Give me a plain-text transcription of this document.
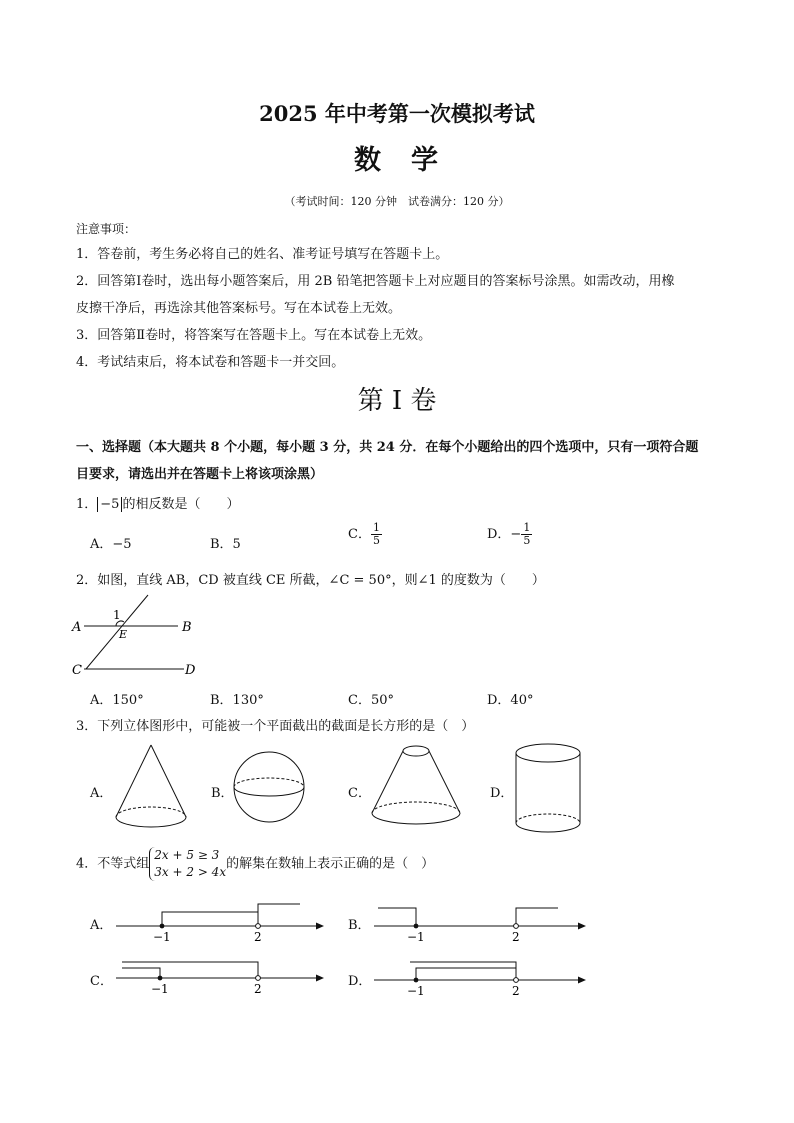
2025 年中考第一次模拟考试
数 学
（考试时间：120 分钟　试卷满分：120 分）
注意事项：
1．答卷前，考生务必将自己的姓名、准考证号填写在答题卡上。
2．回答第Ⅰ卷时，选出每小题答案后，用 2B 铅笔把答题卡上对应题目的答案标号涂黑。如需改动，用橡
皮擦干净后，再选涂其他答案标号。写在本试卷上无效。
3．回答第Ⅱ卷时，将答案写在答题卡上。写在本试卷上无效。
4．考试结束后，将本试卷和答题卡一并交回。
第 I 卷
一、选择题（本大题共 8 个小题，每小题 3 分，共 24 分．在每个小题给出的四个选项中，只有一项符合题
目要求，请选出并在答题卡上将该项涂黑）
1． −5 的相反数是（　　）
A．−5	B．5
C． $\frac{1}{5}$	D．− $\frac{1}{5}$
2．如图，直线 AB，CD 被直线 CE 所截，∠C = 50°，则∠1 的度数为（　　）
A	B
C	D
E
1
A．150°	B．130°	C．50°	D．40°
3．下列立体图形中，可能被一个平面截出的截面是长方形的是（　）
A．	B．	C．	D．
4．不等式组
2x + 5 ≥ 3
3x + 2 > 4x
的解集在数轴上表示正确的是（　）
A．
−1	2
B．
−1	2
C．	−1	2	D．
−1	2
